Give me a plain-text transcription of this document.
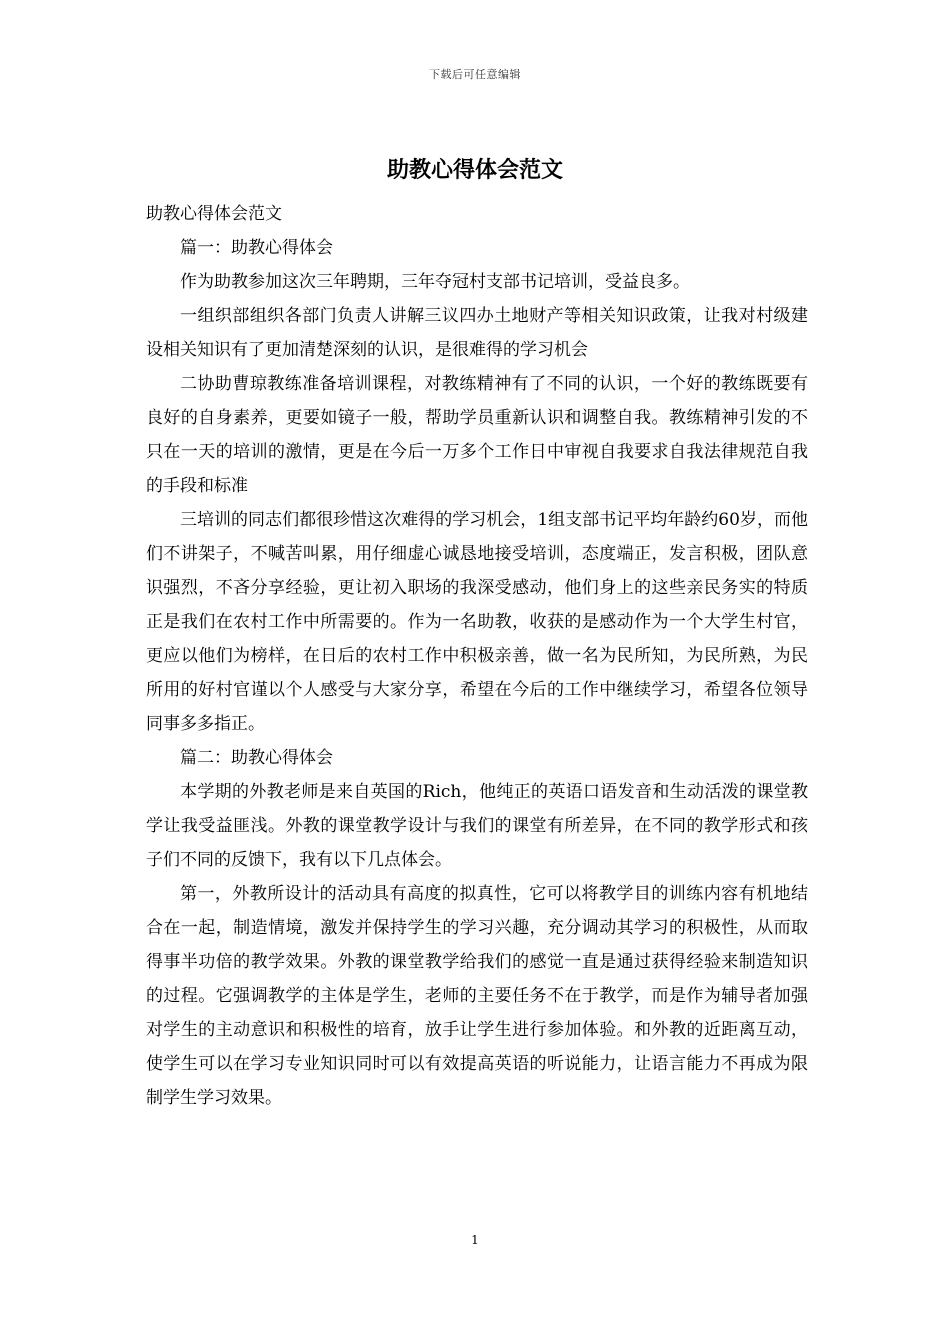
下载后可任意编辑
助教心得体会范文

助教心得体会范文

篇一：助教心得体会

作为助教参加这次三年聘期，三年夺冠村支部书记培训，受益良多。

一组织部组织各部门负责人讲解三议四办土地财产等相关知识政策，让我对村级建设相关知识有了更加清楚深刻的认识，是很难得的学习机会

二协助曹琼教练准备培训课程，对教练精神有了不同的认识，一个好的教练既要有良好的自身素养，更要如镜子一般，帮助学员重新认识和调整自我。教练精神引发的不只在一天的培训的激情，更是在今后一万多个工作日中审视自我要求自我法律规范自我的手段和标准

三培训的同志们都很珍惜这次难得的学习机会，1组支部书记平均年龄约60岁，而他们不讲架子，不喊苦叫累，用仔细虚心诚恳地接受培训，态度端正，发言积极，团队意识强烈，不吝分享经验，更让初入职场的我深受感动，他们身上的这些亲民务实的特质正是我们在农村工作中所需要的。作为一名助教，收获的是感动作为一个大学生村官，更应以他们为榜样，在日后的农村工作中积极亲善，做一名为民所知，为民所熟，为民所用的好村官谨以个人感受与大家分享，希望在今后的工作中继续学习，希望各位领导同事多多指正。

篇二：助教心得体会

本学期的外教老师是来自英国的Rich，他纯正的英语口语发音和生动活泼的课堂教学让我受益匪浅。外教的课堂教学设计与我们的课堂有所差异，在不同的教学形式和孩子们不同的反馈下，我有以下几点体会。

第一，外教所设计的活动具有高度的拟真性，它可以将教学目的训练内容有机地结合在一起，制造情境，激发并保持学生的学习兴趣，充分调动其学习的积极性，从而取得事半功倍的教学效果。外教的课堂教学给我们的感觉一直是通过获得经验来制造知识的过程。它强调教学的主体是学生，老师的主要任务不在于教学，而是作为辅导者加强对学生的主动意识和积极性的培育，放手让学生进行参加体验。和外教的近距离互动，使学生可以在学习专业知识同时可以有效提高英语的听说能力，让语言能力不再成为限制学生学习效果。

1
